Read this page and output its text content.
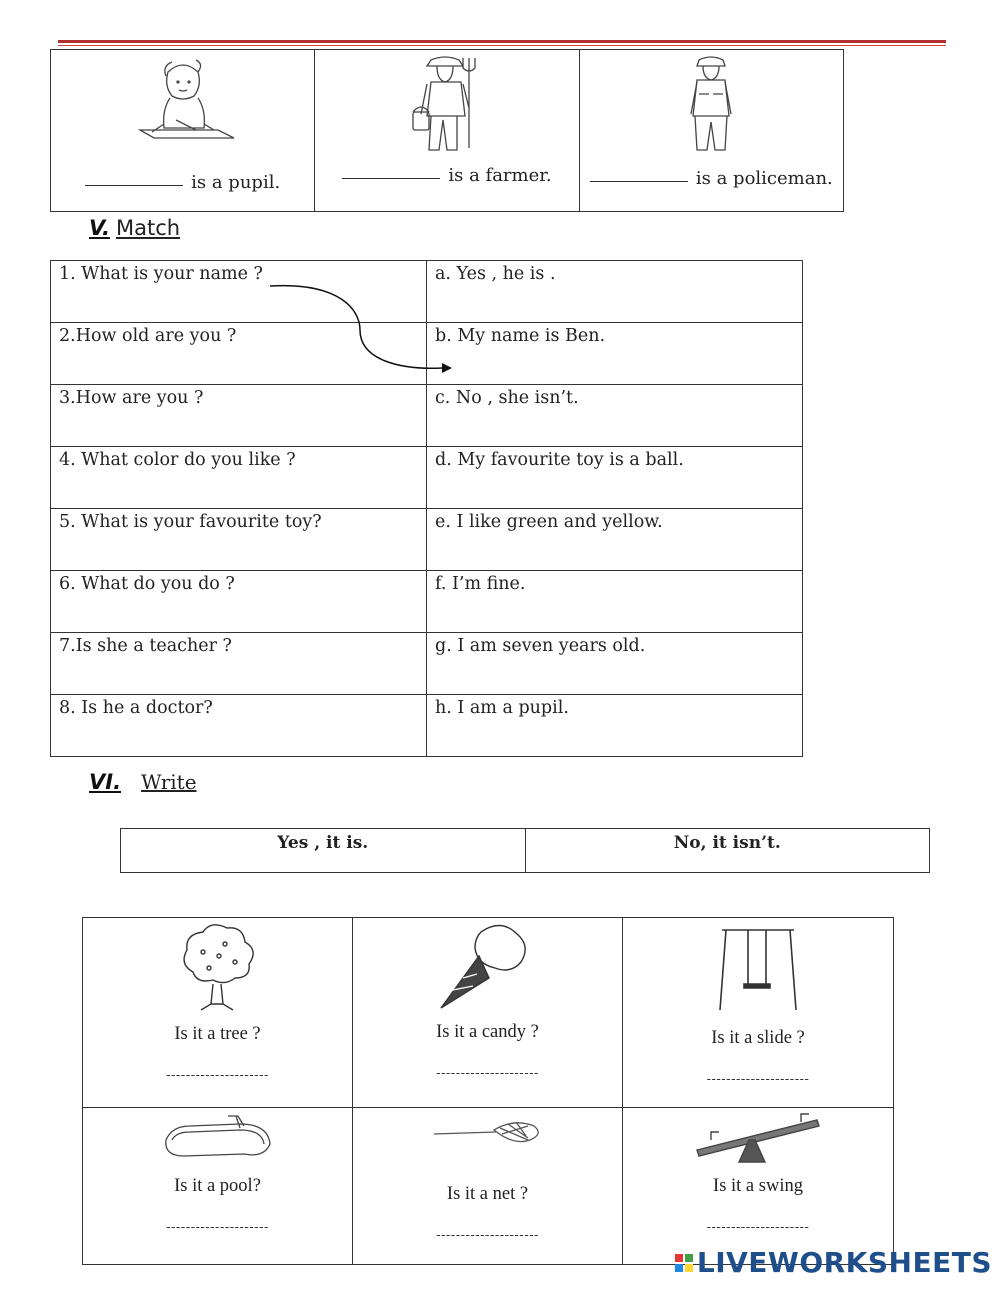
is a pupil.	is a farmer.	is a policeman.
V. Match
1. What is your name ?	a. Yes , he is .
2.How old are you ?	b. My name is Ben.
3.How are you ?	c. No , she isn’t.
4. What color do you like ?	d. My favourite toy is a ball.
5. What is your favourite toy?	e. I like green and yellow.
6. What do you do ?	f. I’m fine.
7.Is she a teacher ?	g. I am seven years old.
8. Is he a doctor?	h. I am a pupil.
VI. Write
Yes , it is.	No, it isn’t.
Is it a tree ?
---------------------
Is it a candy ?
---------------------
Is it a slide ?
---------------------
Is it a pool?
---------------------
Is it a net ?
---------------------
Is it a swing
---------------------
LIVEWORKSHEETS
